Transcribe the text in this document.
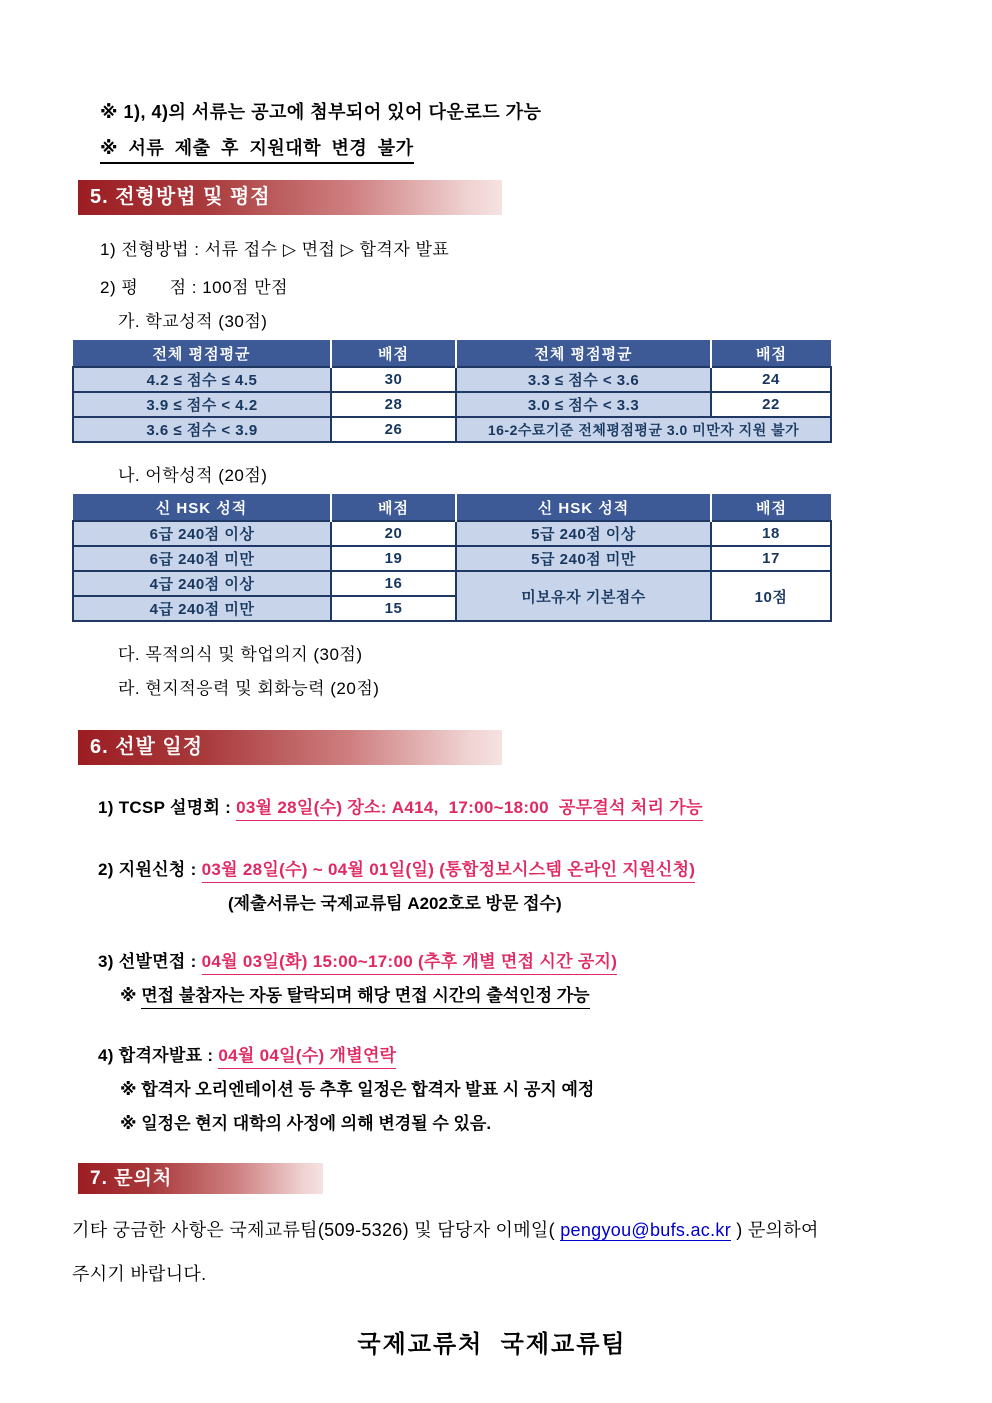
※ 1), 4)의 서류는 공고에 첨부되어 있어 다운로드 가능
※ 서류 제출 후 지원대학 변경 불가
5. 전형방법 및 평점
1) 전형방법 : 서류 접수 ▷ 면접 ▷ 합격자 발표
2) 평      점 : 100점 만점
가. 학교성적 (30점)
전체 평점평균	배점	전체 평점평균	배점
4.2 ≤ 점수 ≤ 4.5	30	3.3 ≤ 점수 < 3.6	24
3.9 ≤ 점수 < 4.2	28	3.0 ≤ 점수 < 3.3	22
3.6 ≤ 점수 < 3.9	26	16-2수료기준 전체평점평균 3.0 미만자 지원 불가	
나. 어학성적 (20점)
신 HSK 성적	배점	신 HSK 성적	배점
6급 240점 이상	20	5급 240점 이상	18
6급 240점 미만	19	5급 240점 미만	17
4급 240점 이상	16	미보유자 기본점수	10점
4급 240점 미만	15		
다. 목적의식 및 학업의지 (30점)
라. 현지적응력 및 회화능력 (20점)
6. 선발 일정
1) TCSP 설명회 : 03월 28일(수) 장소: A414,  17:00~18:00  공무결석 처리 가능
2) 지원신청 : 03월 28일(수) ~ 04월 01일(일) (통합정보시스템 온라인 지원신청)
(제출서류는 국제교류팀 A202호로 방문 접수)
3) 선발면접 : 04월 03일(화) 15:00~17:00 (추후 개별 면접 시간 공지)
※ 면접 불참자는 자동 탈락되며 해당 면접 시간의 출석인정 가능
4) 합격자발표 : 04월 04일(수) 개별연락
※ 합격자 오리엔테이션 등 추후 일정은 합격자 발표 시 공지 예정
※ 일정은 현지 대학의 사정에 의해 변경될 수 있음.
7. 문의처
기타 궁금한 사항은 국제교류팀(509-5326) 및 담당자 이메일( pengyou@bufs.ac.kr ) 문의하여
주시기 바랍니다.
국제교류처  국제교류팀
